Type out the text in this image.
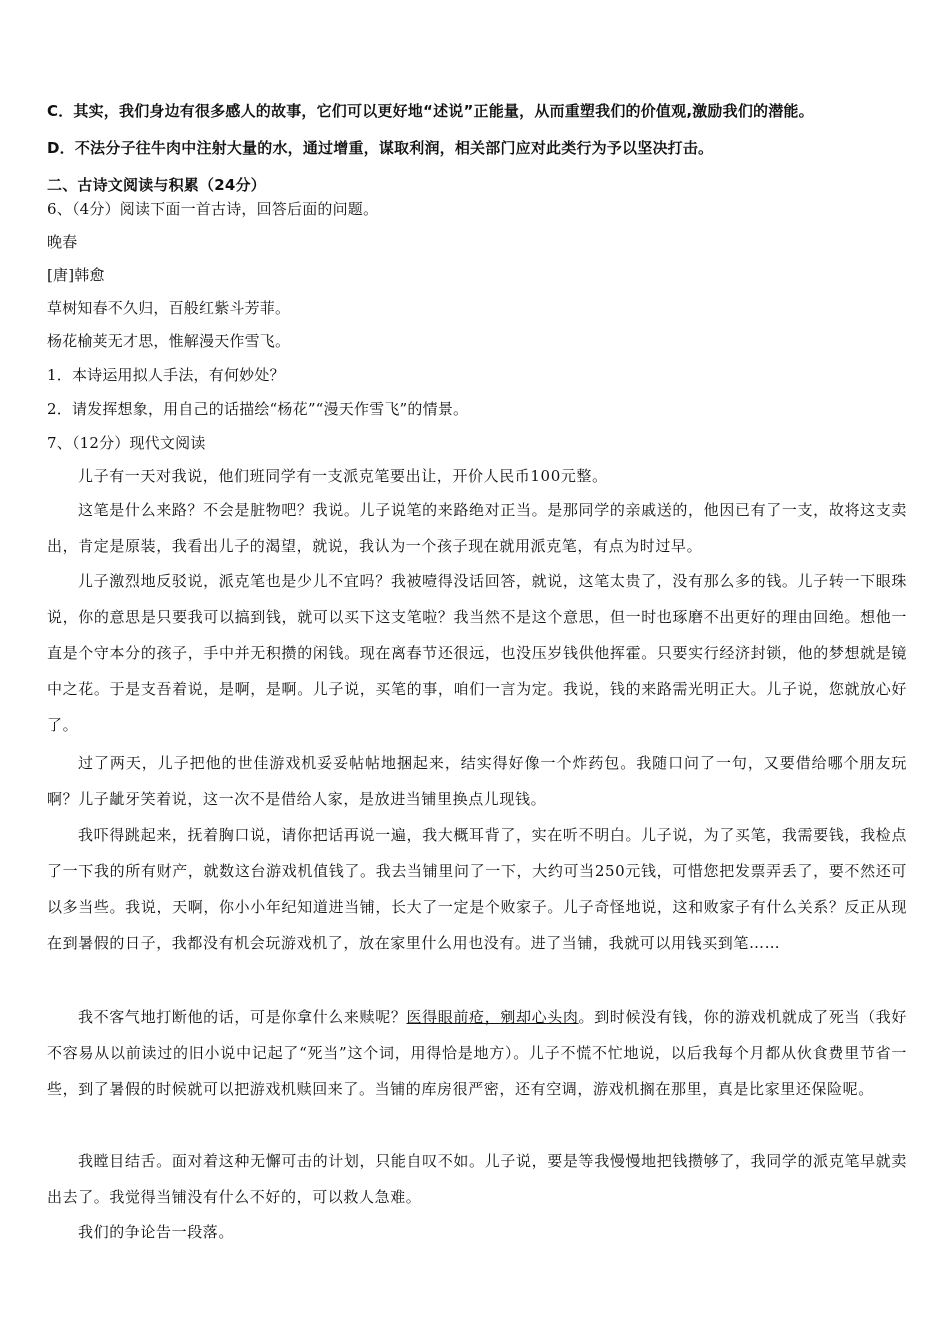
C．其实，我们身边有很多感人的故事，它们可以更好地“述说”正能量，从而重塑我们的价值观,激励我们的潜能。
D．不法分子往牛肉中注射大量的水，通过增重，谋取利润，相关部门应对此类行为予以坚决打击。
二、古诗文阅读与积累（24分）
6、（4分）阅读下面一首古诗，回答后面的问题。
晚春
[唐]韩愈
草树知春不久归，百般红紫斗芳菲。
杨花榆荚无才思，惟解漫天作雪飞。
1．本诗运用拟人手法，有何妙处？
2．请发挥想象，用自己的话描绘“杨花”“漫天作雪飞”的情景。
7、（12分）现代文阅读
儿子有一天对我说，他们班同学有一支派克笔要出让，开价人民币100元整。
这笔是什么来路？不会是脏物吧？我说。儿子说笔的来路绝对正当。是那同学的亲戚送的，他因已有了一支，故将这支卖出，肯定是原装，我看出儿子的渴望，就说，我认为一个孩子现在就用派克笔，有点为时过早。
儿子激烈地反驳说，派克笔也是少儿不宜吗？我被噎得没话回答，就说，这笔太贵了，没有那么多的钱。儿子转一下眼珠说，你的意思是只要我可以搞到钱，就可以买下这支笔啦？我当然不是这个意思，但一时也琢磨不出更好的理由回绝。想他一直是个守本分的孩子，手中并无积攒的闲钱。现在离春节还很远，也没压岁钱供他挥霍。只要实行经济封锁，他的梦想就是镜中之花。于是支吾着说，是啊，是啊。儿子说，买笔的事，咱们一言为定。我说，钱的来路需光明正大。儿子说，您就放心好了。
过了两天，儿子把他的世佳游戏机妥妥帖帖地捆起来，结实得好像一个炸药包。我随口问了一句，又要借给哪个朋友玩啊？儿子龇牙笑着说，这一次不是借给人家，是放进当铺里换点儿现钱。
我吓得跳起来，抚着胸口说，请你把话再说一遍，我大概耳背了，实在听不明白。儿子说，为了买笔，我需要钱，我检点了一下我的所有财产，就数这台游戏机值钱了。我去当铺里问了一下，大约可当250元钱，可惜您把发票弄丢了，要不然还可以多当些。我说，天啊，你小小年纪知道进当铺，长大了一定是个败家子。儿子奇怪地说，这和败家子有什么关系？反正从现在到暑假的日子，我都没有机会玩游戏机了，放在家里什么用也没有。进了当铺，我就可以用钱买到笔……
我不客气地打断他的话，可是你拿什么来赎呢？医得眼前疮，剜却心头肉。到时候没有钱，你的游戏机就成了死当（我好不容易从以前读过的旧小说中记起了“死当”这个词，用得恰是地方）。儿子不慌不忙地说，以后我每个月都从伙食费里节省一些，到了暑假的时候就可以把游戏机赎回来了。当铺的库房很严密，还有空调，游戏机搁在那里，真是比家里还保险呢。
我瞠目结舌。面对着这种无懈可击的计划，只能自叹不如。儿子说，要是等我慢慢地把钱攒够了，我同学的派克笔早就卖出去了。我觉得当铺没有什么不好的，可以救人急难。
我们的争论告一段落。
